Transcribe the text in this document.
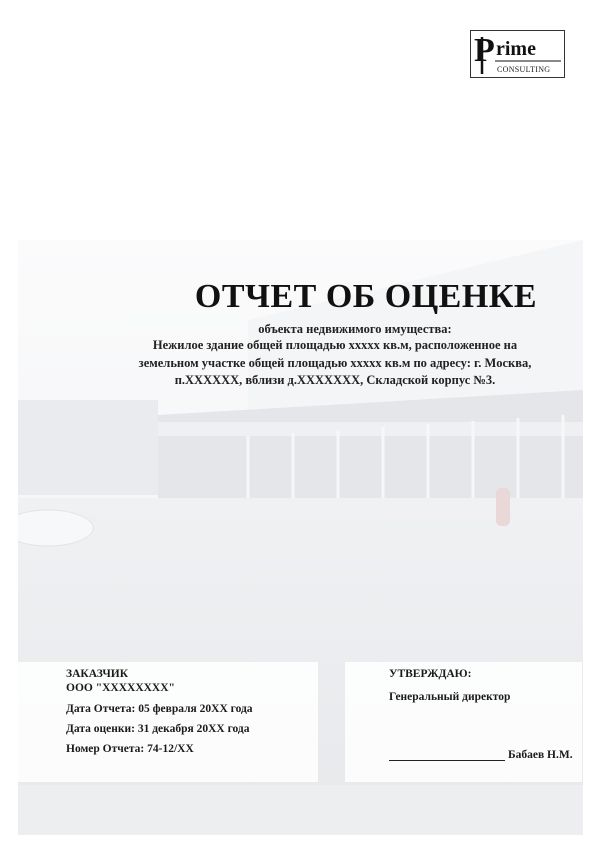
P rime
CONSULTING
ОТЧЕТ ОБ ОЦЕНКЕ
объекта недвижимого имущества:
Нежилое здание общей площадью xxxxx кв.м, расположенное на
земельном участке общей площадью xxxxx кв.м по адресу: г. Москва,
п.XXXXXX, вблизи д.XXXXXXX, Складской корпус №3.
ЗАКАЗЧИК
ООО "XXXXXXXX"
Дата Отчета: 05 февраля 20ХХ года
Дата оценки: 31 декабря 20ХХ года
Номер Отчета: 74-12/ХХ
УТВЕРЖДАЮ:
Генеральный директор
Бабаев Н.М.
